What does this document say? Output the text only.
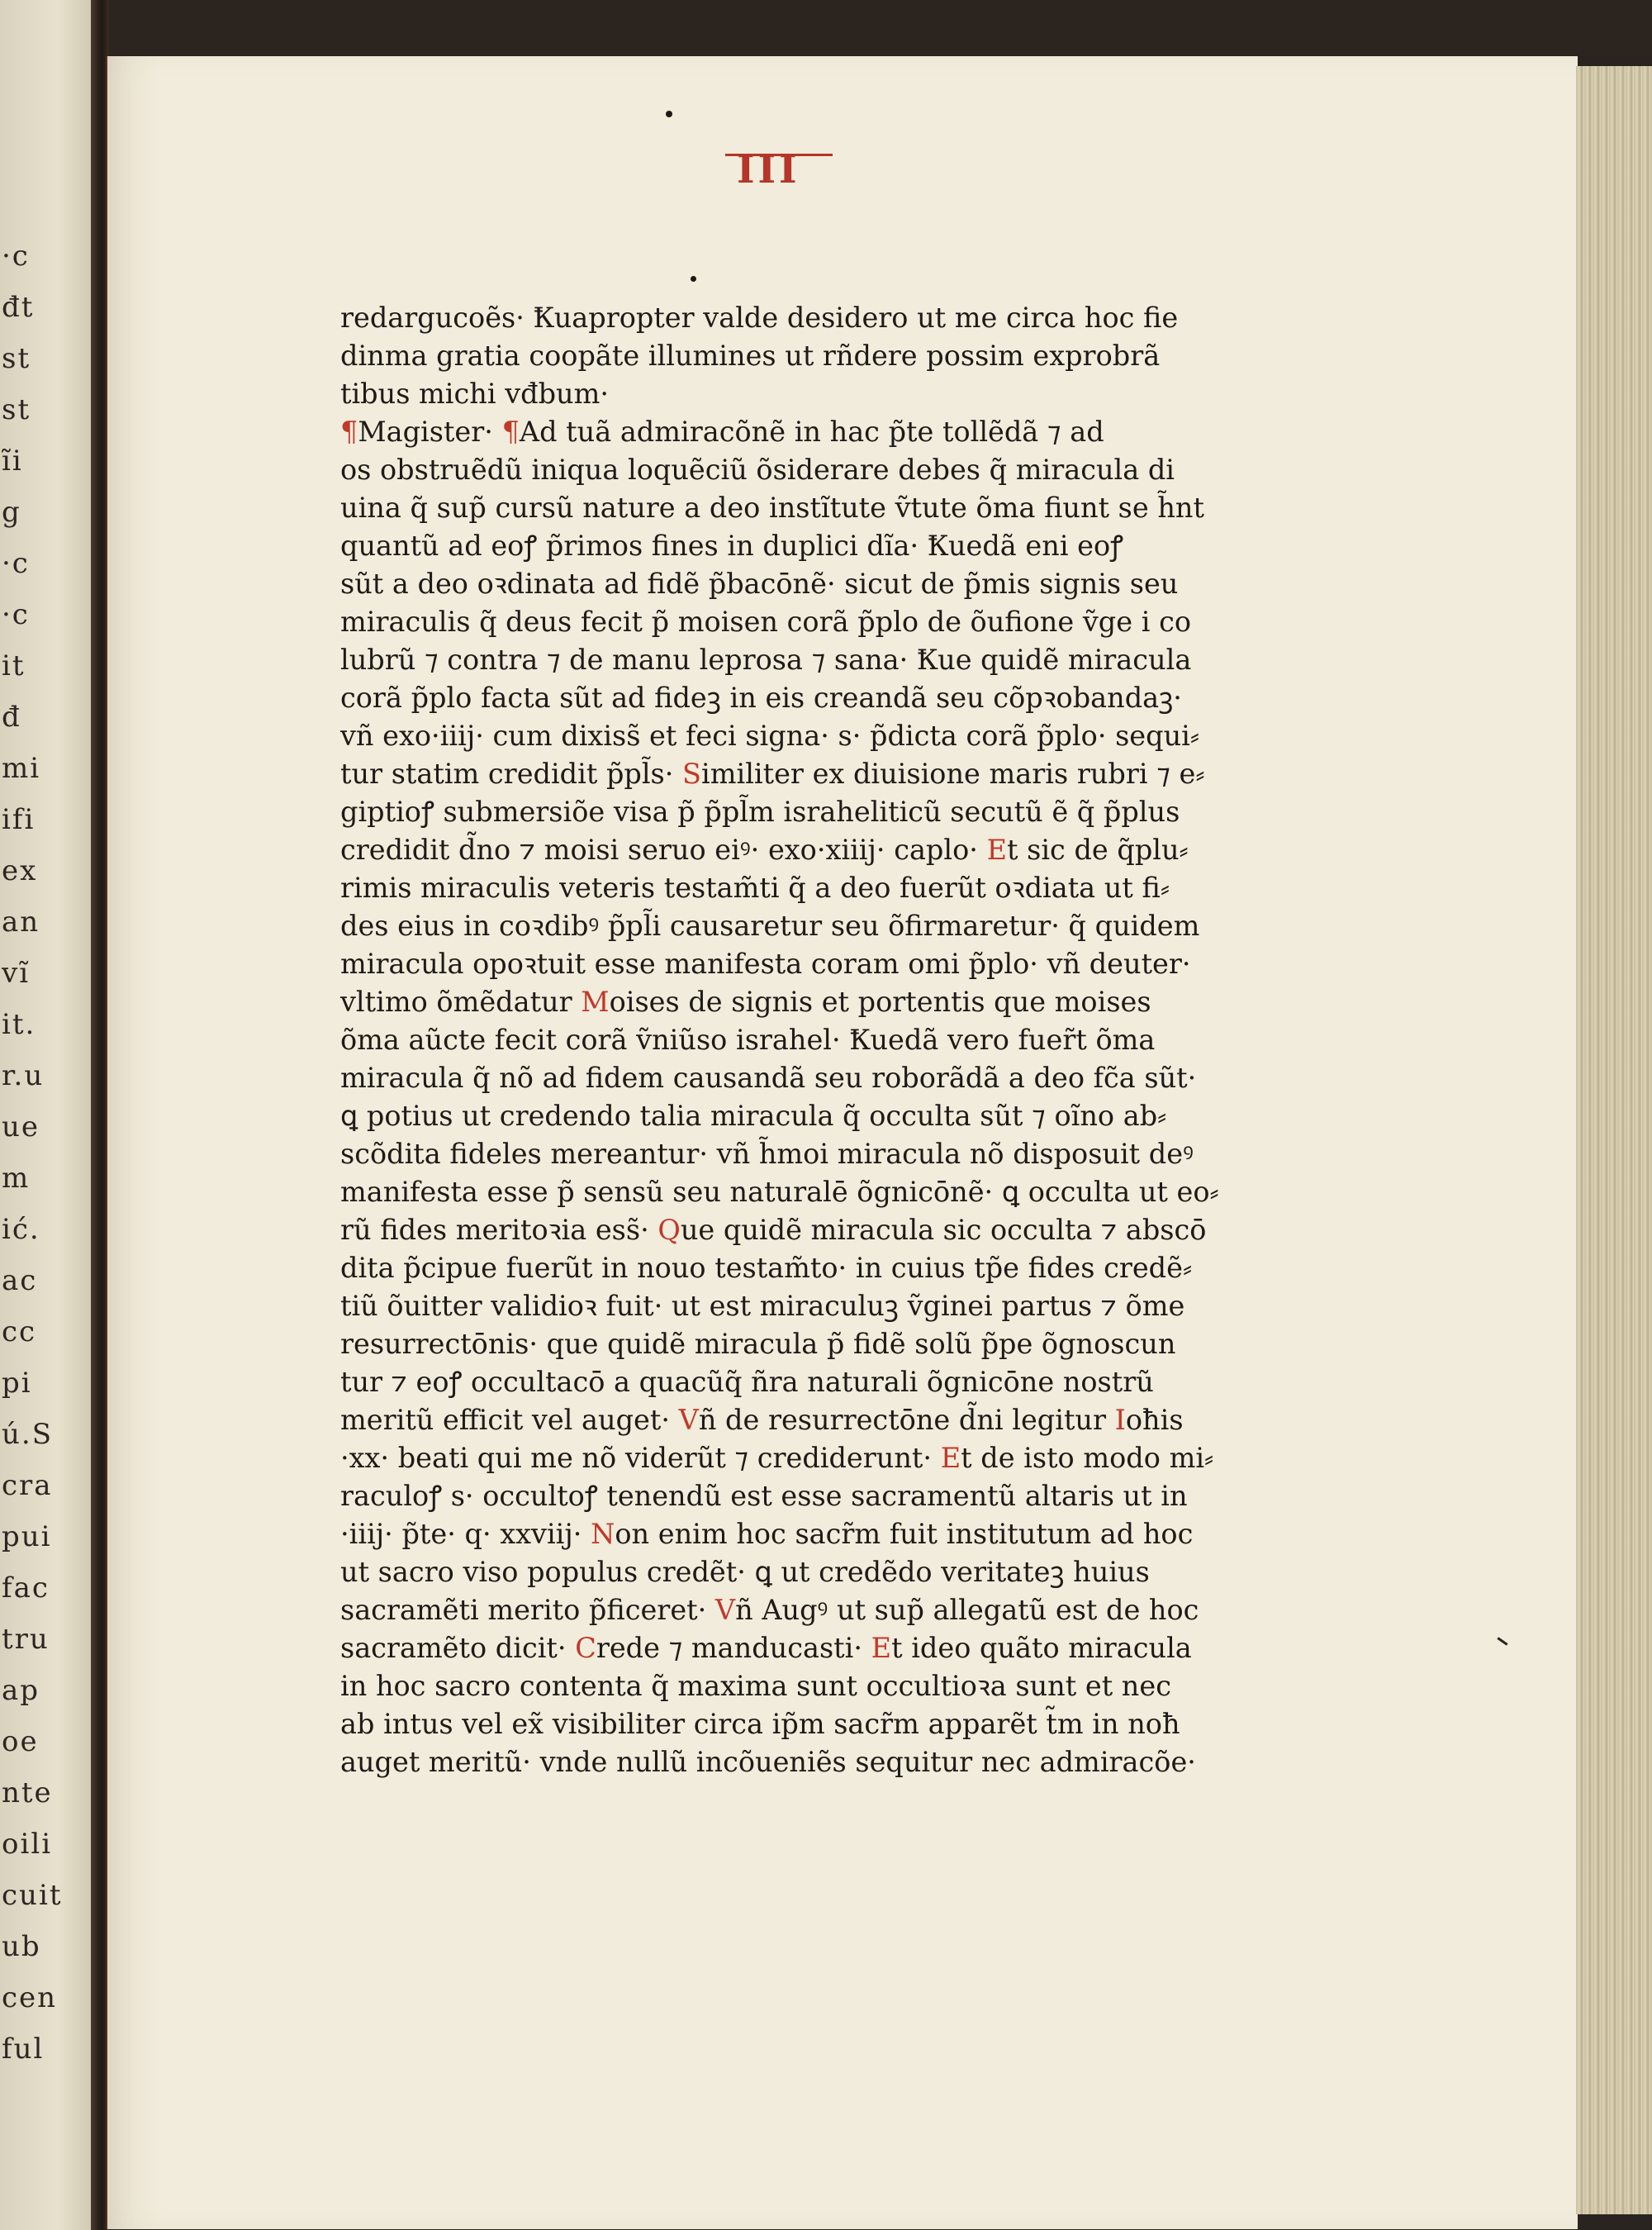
·c
đt
st
st
ĩi
g
·c
·c
it
đ
mi
ifi
ex
an
vĩ
it.
r.u
ue
m
ić.
ac
cc
pi
ú.S
cra
pui
fac
tru
ap
oe
nte
oili
cuit
ub
cen
ful
III
redargucoẽs· Ꝁuapropter valde desidero ut me circa hoc fie
dinma gratia coopãte illumines ut rñdere possim exprobrã
tibus michi vđbum·
¶Magister· ¶Ad tuã admiracõnẽ in hac p̃te tollẽdã ⁊ ad
os obstruẽdũ iniqua loquẽciũ õsiderare debes q̃ miracula di
uina q̃ sup̃ cursũ nature a deo instĩtute ṽtute õma fiunt se h̃nt
quantũ ad eoꝭ p̃rimos fines in duplici dĩa· Ꝁuedã eni eoꝭ
sũt a deo oꝛdinata ad fidẽ p̃bacōnẽ· sicut de p̃mis signis seu
miraculis q̃ deus fecit p̃ moisen corã p̃plo de õufione ṽge i co
lubrũ ⁊ contra ⁊ de manu leprosa ⁊ sana· Ꝁue quidẽ miracula
corã p̃plo facta sũt ad fideꝫ in eis creandã seu cõpꝛobandaꝫ·
vñ exo·iiij· cum dixiss̃ et feci signa· s· p̃dicta corã p̃plo· sequi⸗
tur statim credidit p̃pl̃s· Similiter ex diuisione maris rubri ⁊ e⸗
giptioꝭ submersiõe visa p̃ p̃pl̃m israheliticũ secutũ ẽ q̃ p̃plus
credidit d̃no ⁊ moisi seruo eiꝰ· exo·xiiij· caplo· Et sic de q̃plu⸗
rimis miraculis veteris testam̃ti q̃ a deo fuerũt oꝛdiata ut fi⸗
des eius in coꝛdibꝰ p̃pl̃i causaretur seu õfirmaretur· q̃ quidem
miracula opoꝛtuit esse manifesta coram omi p̃plo· vñ deuter·
vltimo õmẽdatur Moises de signis et portentis que moises
õma aũcte fecit corã ṽniũso israhel· Ꝁuedã vero fuer̃t õma
miracula q̃ nõ ad fidem causandã seu roborãdã a deo fc̃a sũt·
ꝗ potius ut credendo talia miracula q̃ occulta sũt ⁊ oĩno ab⸗
scõdita fideles mereantur· vñ h̃moi miracula nõ disposuit deꝰ
manifesta esse p̃ sensũ seu naturalē õgnicōnẽ· ꝗ occulta ut eo⸗
rũ fides meritoꝛia ess̃· Que quidẽ miracula sic occulta ⁊ abscō
dita p̃cipue fuerũt in nouo testam̃to· in cuius tp̃e fides credẽ⸗
tiũ õuitter validioꝛ fuit· ut est miraculuꝫ ṽginei partus ⁊ õme
resurrectōnis· que quidẽ miracula p̃ fidẽ solũ p̃pe õgnoscun
tur ⁊ eoꝭ occultacō a quacũq̃ ñra naturali õgnicōne nostrũ
meritũ efficit vel auget· Vñ de resurrectōne d̃ni legitur Ioħis
·xx· beati qui me nõ viderũt ⁊ crediderunt· Et de isto modo mi⸗
raculoꝭ s· occultoꝭ tenendũ est esse sacramentũ altaris ut in
·iiij· p̃te· q· xxviij· Non enim hoc sacr̃m fuit institutum ad hoc
ut sacro viso populus credẽt· ꝗ ut credẽdo veritateꝫ huius
sacramẽti merito p̃ficeret· Vñ Augꝰ ut sup̃ allegatũ est de hoc
sacramẽto dicit· Crede ⁊ manducasti· Et ideo quãto miracula
in hoc sacro contenta q̃ maxima sunt occultioꝛa sunt et nec
ab intus vel ex̃ visibiliter circa ip̃m sacr̃m apparẽt t̃m in noħ
auget meritũ· vnde nullũ incõueniẽs sequitur nec admiracõe·
